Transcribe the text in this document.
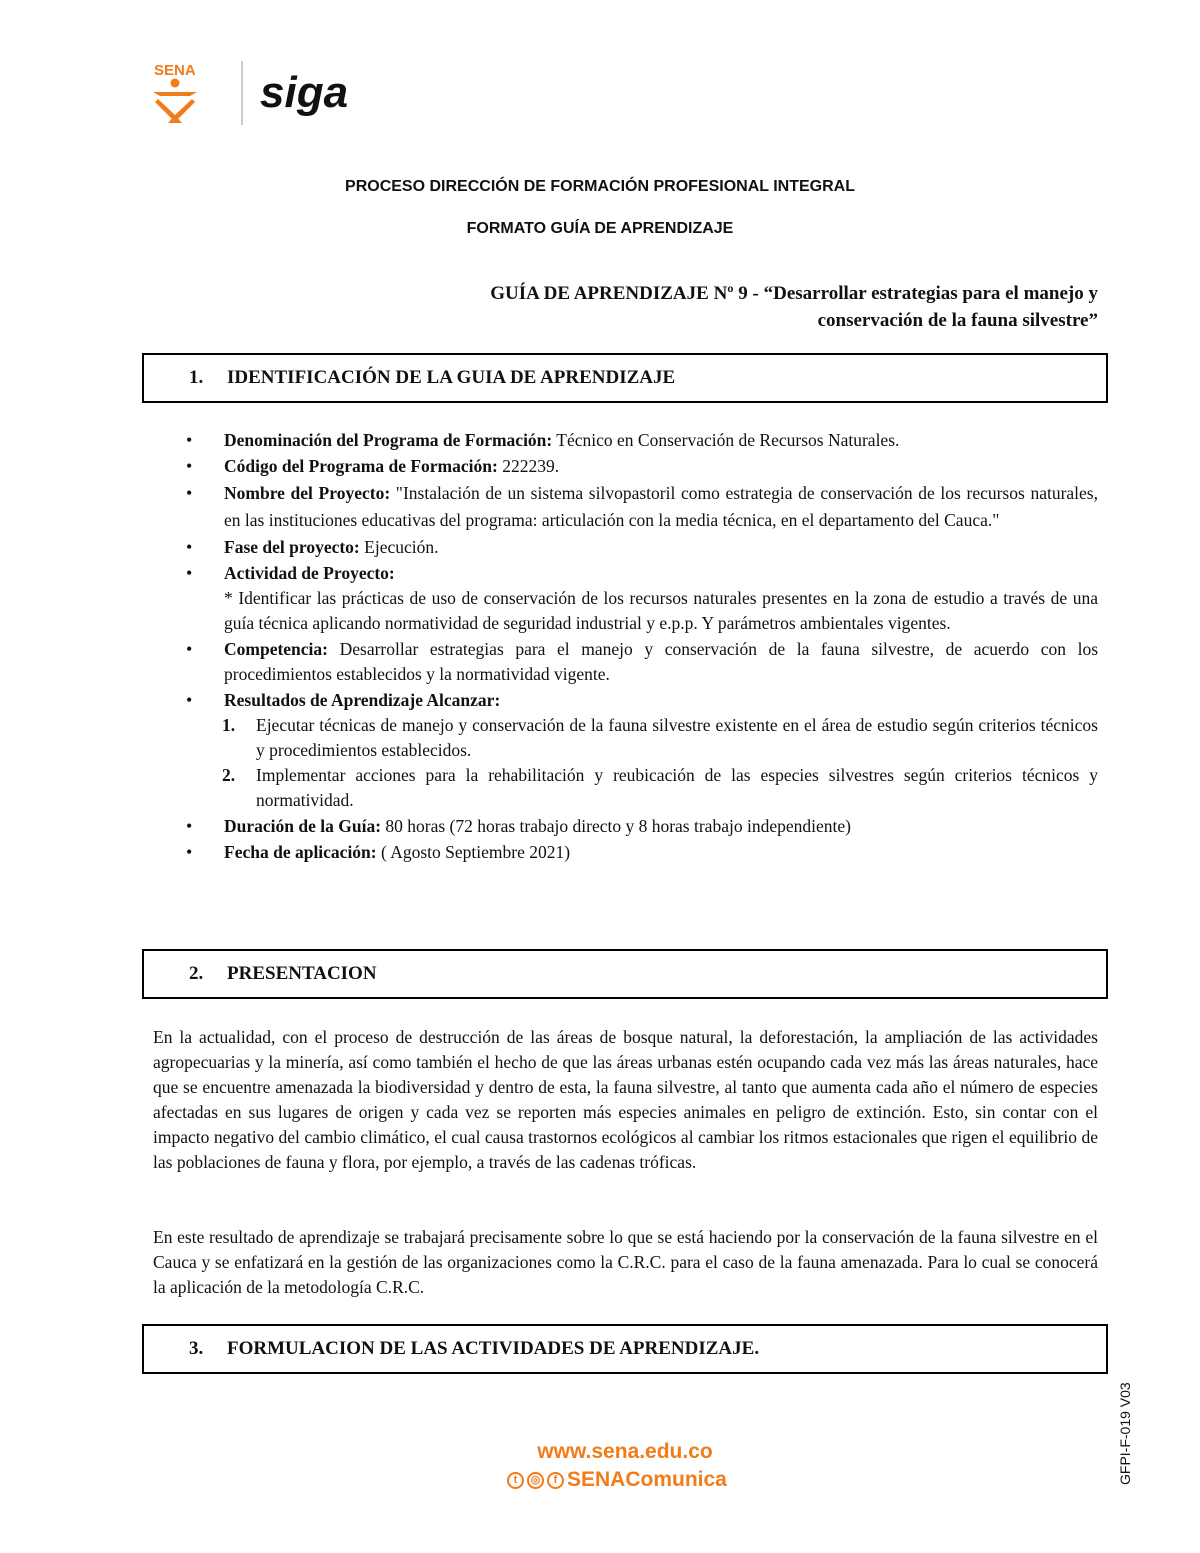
SENA siga
PROCESO DIRECCIÓN DE FORMACIÓN PROFESIONAL INTEGRAL
FORMATO GUÍA DE APRENDIZAJE
GUÍA DE APRENDIZAJE Nº 9 - “Desarrollar estrategias para el manejo y
conservación de la fauna silvestre”
1.	IDENTIFICACIÓN DE LA GUIA DE APRENDIZAJE
• Denominación del Programa de Formación: Técnico en Conservación de Recursos Naturales.
• Código del Programa de Formación: 222239.
• Nombre del Proyecto: "Instalación de un sistema silvopastoril como estrategia de conservación de los recursos naturales, en las instituciones educativas del programa: articulación con la media técnica, en el departamento del Cauca."
• Fase del proyecto: Ejecución.
• Actividad de Proyecto:
* Identificar las prácticas de uso de conservación de los recursos naturales presentes en la zona de estudio a través de una guía técnica aplicando normatividad de seguridad industrial y e.p.p. Y parámetros ambientales vigentes.
• Competencia: Desarrollar estrategias para el manejo y conservación de la fauna silvestre, de acuerdo con los procedimientos establecidos y la normatividad vigente.
• Resultados de Aprendizaje Alcanzar:
1. Ejecutar técnicas de manejo y conservación de la fauna silvestre existente en el área de estudio según criterios técnicos y procedimientos establecidos.
2. Implementar acciones para la rehabilitación y reubicación de las especies silvestres según criterios técnicos y normatividad.
• Duración de la Guía: 80 horas (72 horas trabajo directo y 8 horas trabajo independiente)
• Fecha de aplicación: ( Agosto Septiembre 2021)
2.	PRESENTACION

En la actualidad, con el proceso de destrucción de las áreas de bosque natural, la deforestación, la ampliación de las actividades agropecuarias y la minería, así como también el hecho de que las áreas urbanas estén ocupando cada vez más las áreas naturales, hace que se encuentre amenazada la biodiversidad y dentro de esta, la fauna silvestre, al tanto que aumenta cada año el número de especies afectadas en sus lugares de origen y cada vez se reporten más especies animales en peligro de extinción. Esto, sin contar con el impacto negativo del cambio climático, el cual causa trastornos ecológicos al cambiar los ritmos estacionales que rigen el equilibrio de las poblaciones de fauna y flora, por ejemplo, a través de las cadenas tróficas.

En este resultado de aprendizaje se trabajará precisamente sobre lo que se está haciendo por la conservación de la fauna silvestre en el Cauca y se enfatizará en la gestión de las organizaciones como la C.R.C. para el caso de la fauna amenazada. Para lo cual se conocerá la aplicación de la metodología C.R.C.

3.	FORMULACION DE LAS ACTIVIDADES DE APRENDIZAJE.
www.sena.edu.co
t	◎	f SENAComunica	GFPI-F-019 V03
